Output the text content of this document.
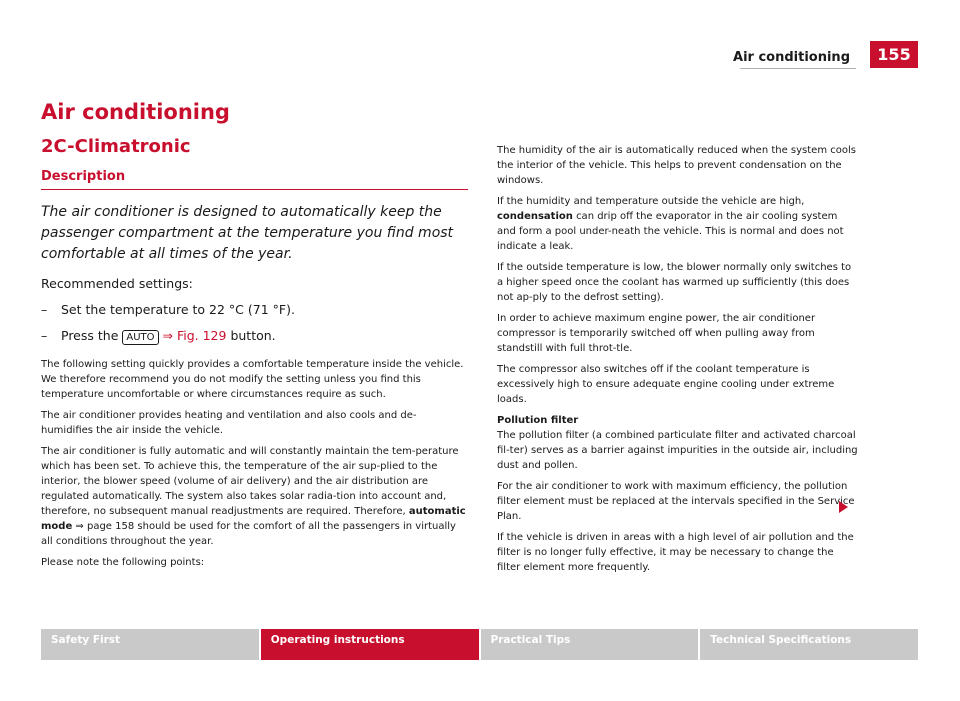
Air conditioning	155
Air conditioning
2C-Climatronic
Description
The air conditioner is designed to automatically keep the passenger compartment at the temperature you find most comfortable at all times of the year.
Recommended settings:
–	Set the temperature to 22 °C (71 °F).
–	Press the AUTO ⇒ Fig. 129 button.
The following setting quickly provides a comfortable temperature inside the vehicle. We therefore recommend you do not modify the setting unless you find this temperature uncomfortable or where circumstances require as such.
The air conditioner provides heating and ventilation and also cools and de-humidifies the air inside the vehicle.
The air conditioner is fully automatic and will constantly maintain the tem-perature which has been set. To achieve this, the temperature of the air sup-plied to the interior, the blower speed (volume of air delivery) and the air distribution are regulated automatically. The system also takes solar radia-tion into account and, therefore, no subsequent manual readjustments are required. Therefore, automatic mode ⇒ page 158 should be used for the comfort of all the passengers in virtually all conditions throughout the year.
Please note the following points:
The humidity of the air is automatically reduced when the system cools the interior of the vehicle. This helps to prevent condensation on the windows.
If the humidity and temperature outside the vehicle are high, condensation can drip off the evaporator in the air cooling system and form a pool under-neath the vehicle. This is normal and does not indicate a leak.
If the outside temperature is low, the blower normally only switches to a higher speed once the coolant has warmed up sufficiently (this does not ap-ply to the defrost setting).
In order to achieve maximum engine power, the air conditioner compressor is temporarily switched off when pulling away from standstill with full throt-tle.
The compressor also switches off if the coolant temperature is excessively high to ensure adequate engine cooling under extreme loads.
Pollution filter
The pollution filter (a combined particulate filter and activated charcoal fil-ter) serves as a barrier against impurities in the outside air, including dust and pollen.
For the air conditioner to work with maximum efficiency, the pollution filter element must be replaced at the intervals specified in the Service Plan.
If the vehicle is driven in areas with a high level of air pollution and the filter is no longer fully effective, it may be necessary to change the filter element more frequently.
Safety First	Operating instructions	Practical Tips	Technical Specifications
